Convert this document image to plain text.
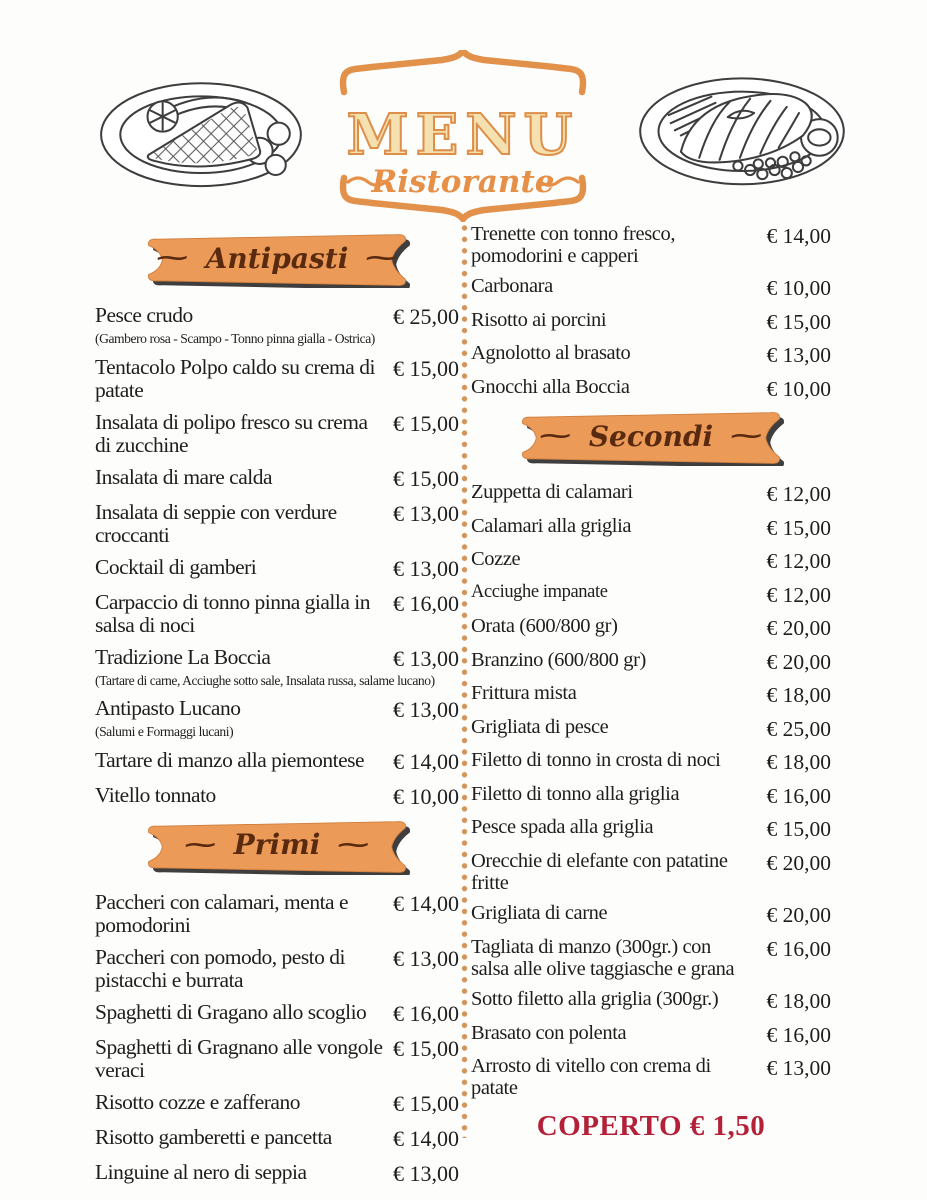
MENU
Ristorante
~ Antipasti ~
Pesce crudo	€ 25,00
(Gambero rosa - Scampo - Tonno pinna gialla - Ostrica)
Tentacolo Polpo caldo su crema di patate
€ 15,00
Insalata di polipo fresco su crema di zucchine
€ 15,00
Insalata di mare calda	€ 15,00
Insalata di seppie con verdure croccanti
€ 13,00
Cocktail di gamberi	€ 13,00
Carpaccio di tonno pinna gialla in salsa di noci
€ 16,00
Tradizione La Boccia	€ 13,00
(Tartare di carne, Acciughe sotto sale, Insalata russa, salame lucano)
Antipasto Lucano	€ 13,00
(Salumi e Formaggi lucani)
Tartare di manzo alla piemontese € 14,00
Vitello tonnato	€ 10,00
~ Primi ~
Paccheri con calamari, menta e pomodorini
€ 14,00
Paccheri con pomodo, pesto di pistacchi e burrata
€ 13,00
Spaghetti di Gragano allo scoglio € 16,00
Spaghetti di Gragnano alle vongole veraci
€ 15,00
Risotto cozze e zafferano	€ 15,00
Risotto gamberetti e pancetta	€ 14,00
Linguine al nero di seppia	€ 13,00
Trenette con tonno fresco, pomodorini e capperi
€ 14,00
Carbonara	€ 10,00
Risotto ai porcini	€ 15,00
Agnolotto al brasato	€ 13,00
Gnocchi alla Boccia	€ 10,00
~ Secondi ~
Zuppetta di calamari	€ 12,00
Calamari alla griglia	€ 15,00
Cozze	€ 12,00
Acciughe impanate	€ 12,00
Orata (600/800 gr)	€ 20,00
Branzino (600/800 gr)	€ 20,00
Frittura mista	€ 18,00
Grigliata di pesce	€ 25,00
Filetto di tonno in crosta di noci € 18,00
Filetto di tonno alla griglia	€ 16,00
Pesce spada alla griglia	€ 15,00
Orecchie di elefante con patatine fritte
€ 20,00
Grigliata di carne	€ 20,00
Tagliata di manzo (300gr.) con salsa alle olive taggiasche e grana
€ 16,00
Sotto filetto alla griglia (300gr.) € 18,00
Brasato con polenta	€ 16,00
Arrosto di vitello con crema di patate
€ 13,00
COPERTO € 1,50
